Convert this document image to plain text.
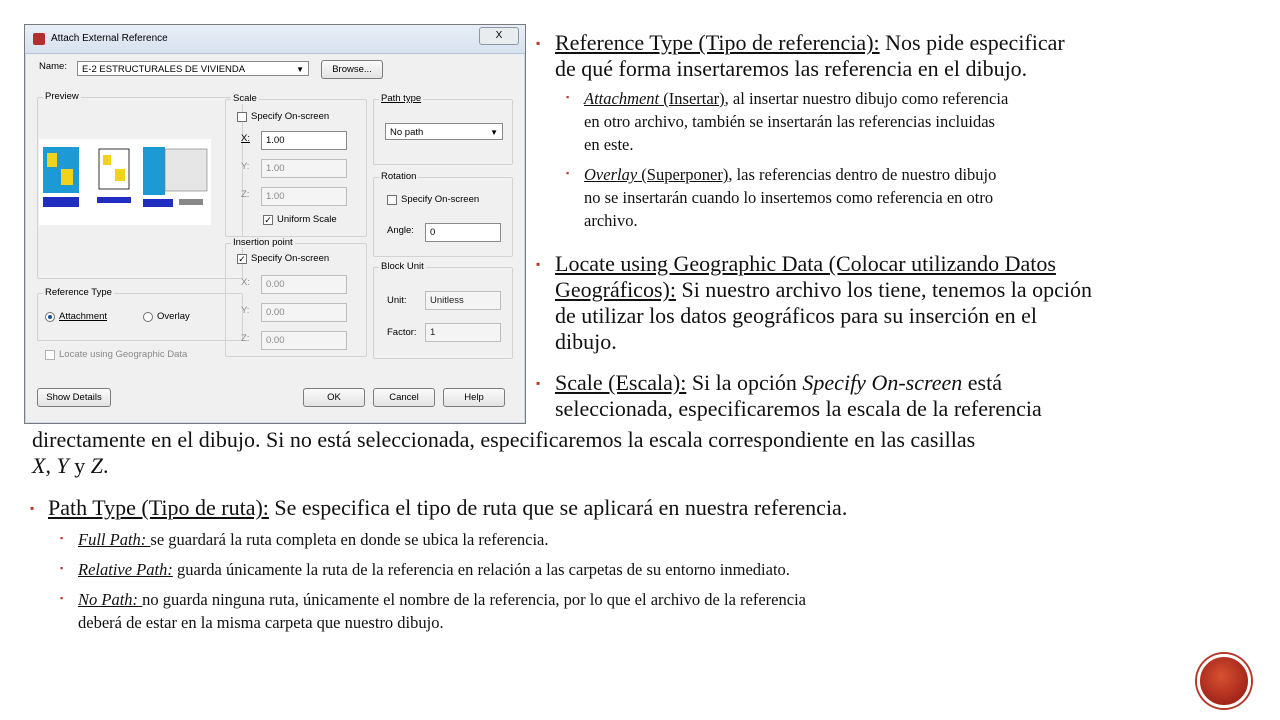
Attach External Reference	X
Name:	E-2 ESTRUCTURALES DE VIVIENDA	▼	Browse...
Preview
Reference Type
Attachment	Overlay
Locate using Geographic Data
Scale
Specify On-screen
X:	1.00
Y:	1.00
Z:	1.00
✓ Uniform Scale
Insertion point
✓ Specify On-screen
X:	0.00
Y:	0.00
Z:	0.00
Path type
No path	▼
Rotation
Specify On-screen
Angle:	0
Block Unit
Unit:	Unitless
Factor:	1
Show Details	OK	Cancel	Help
▪ Reference Type (Tipo de referencia): Nos pide especificar
de qué forma insertaremos las referencia en el dibujo.
▪ Attachment (Insertar), al insertar nuestro dibujo como referencia
en otro archivo, también se insertarán las referencias incluidas
en este.
▪ Overlay (Superponer), las referencias dentro de nuestro dibujo
no se insertarán cuando lo insertemos como referencia en otro
archivo.
▪ Locate using Geographic Data (Colocar utilizando Datos
Geográficos): Si nuestro archivo los tiene, tenemos la opción
de utilizar los datos geográficos para su inserción en el
dibujo.
▪ Scale (Escala): Si la opción Specify On-screen está
seleccionada, especificaremos la escala de la referencia
directamente en el dibujo. Si no está seleccionada, especificaremos la escala correspondiente en las casillas
X, Y y Z.
▪ Path Type (Tipo de ruta): Se especifica el tipo de ruta que se aplicará en nuestra referencia.
▪ Full Path: se guardará la ruta completa en donde se ubica la referencia.
▪ Relative Path: guarda únicamente la ruta de la referencia en relación a las carpetas de su entorno inmediato.
▪ No Path: no guarda ninguna ruta, únicamente el nombre de la referencia, por lo que el archivo de la referencia
deberá de estar en la misma carpeta que nuestro dibujo.
